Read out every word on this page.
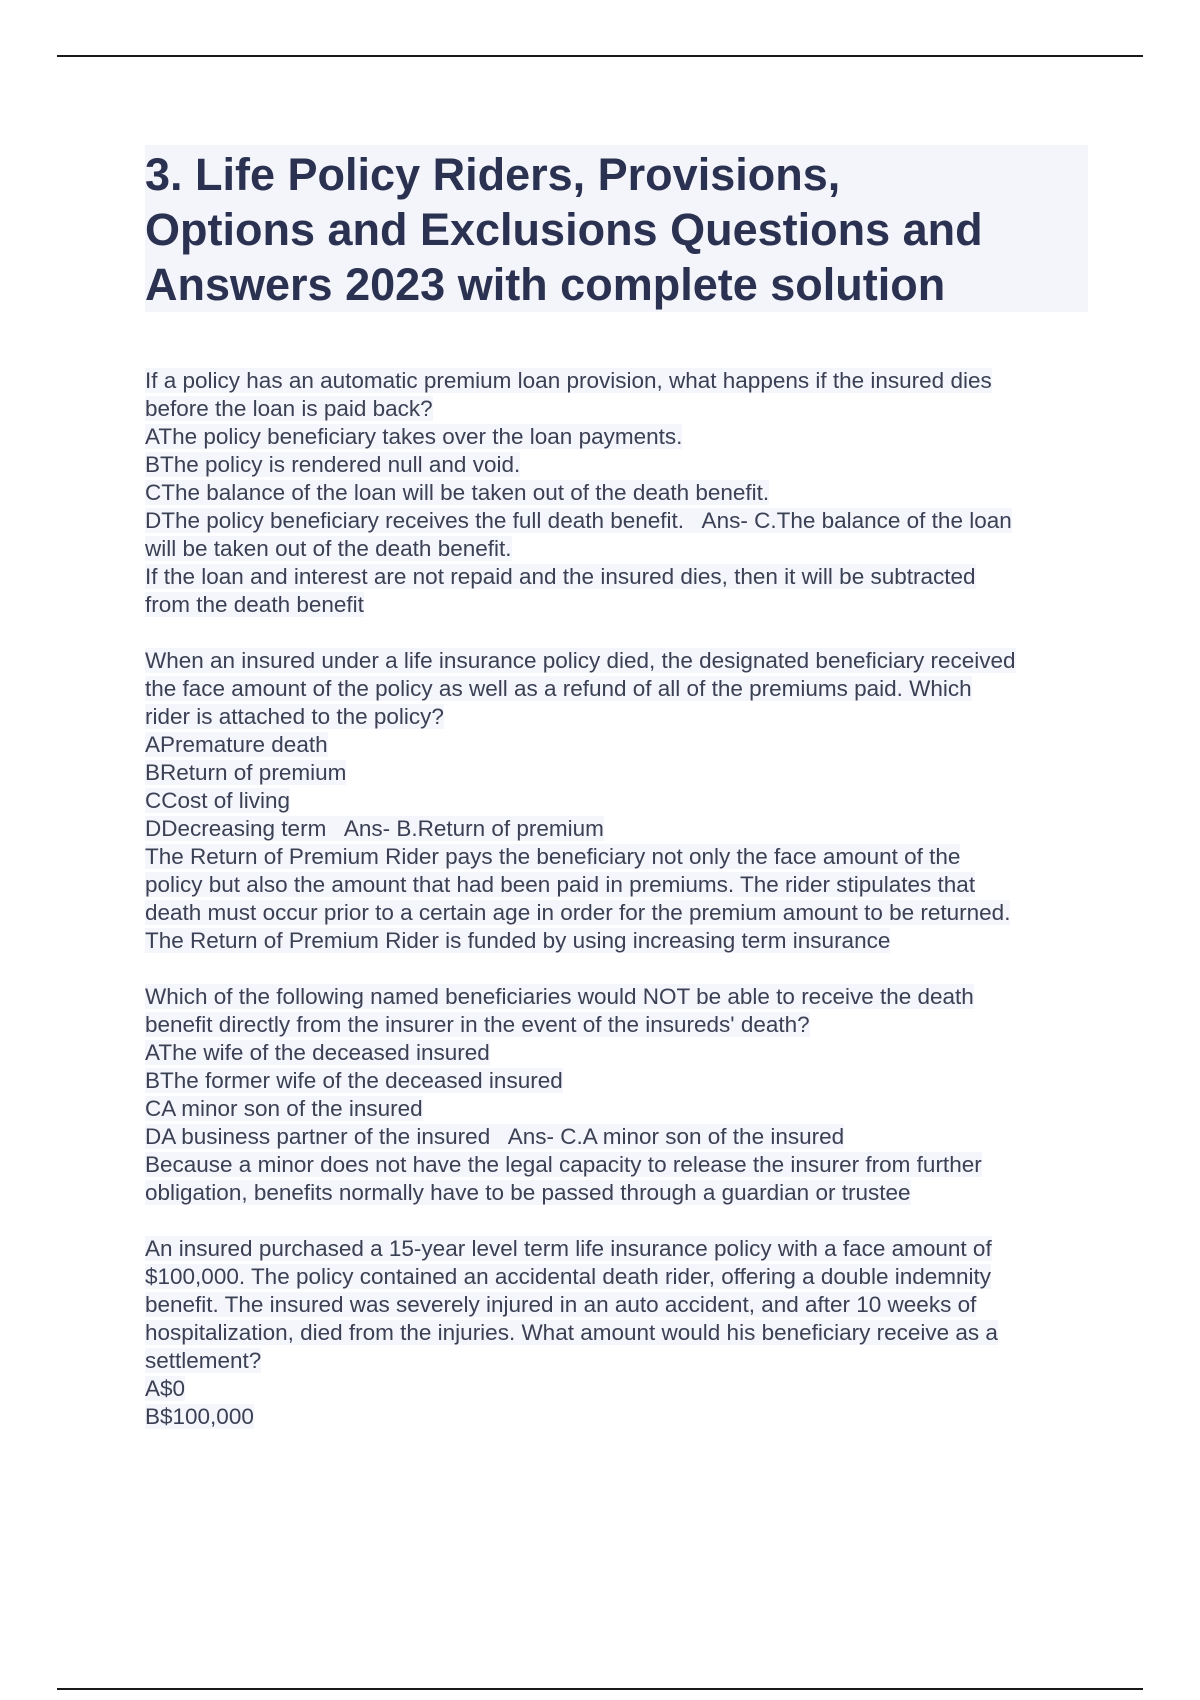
3. Life Policy Riders, Provisions,
Options and Exclusions Questions and
Answers 2023 with complete solution
If a policy has an automatic premium loan provision, what happens if the insured dies
before the loan is paid back?
AThe policy beneficiary takes over the loan payments.
BThe policy is rendered null and void.
CThe balance of the loan will be taken out of the death benefit.
DThe policy beneficiary receives the full death benefit.   Ans- C.The balance of the loan
will be taken out of the death benefit.
If the loan and interest are not repaid and the insured dies, then it will be subtracted
from the death benefit
When an insured under a life insurance policy died, the designated beneficiary received
the face amount of the policy as well as a refund of all of the premiums paid. Which
rider is attached to the policy?
APremature death
BReturn of premium
CCost of living
DDecreasing term   Ans- B.Return of premium
The Return of Premium Rider pays the beneficiary not only the face amount of the
policy but also the amount that had been paid in premiums. The rider stipulates that
death must occur prior to a certain age in order for the premium amount to be returned.
The Return of Premium Rider is funded by using increasing term insurance
Which of the following named beneficiaries would NOT be able to receive the death
benefit directly from the insurer in the event of the insureds' death?
AThe wife of the deceased insured
BThe former wife of the deceased insured
CA minor son of the insured
DA business partner of the insured   Ans- C.A minor son of the insured
Because a minor does not have the legal capacity to release the insurer from further
obligation, benefits normally have to be passed through a guardian or trustee
An insured purchased a 15-year level term life insurance policy with a face amount of
$100,000. The policy contained an accidental death rider, offering a double indemnity
benefit. The insured was severely injured in an auto accident, and after 10 weeks of
hospitalization, died from the injuries. What amount would his beneficiary receive as a
settlement?
A$0
B$100,000
